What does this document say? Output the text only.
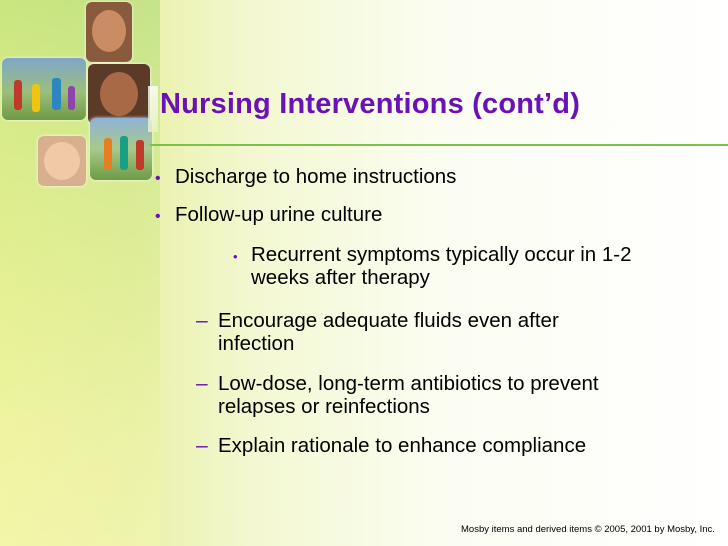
Nursing Interventions (cont’d)
• Discharge to home instructions

• Follow-up urine culture

• Recurrent symptoms typically occur in 1-2

weeks after therapy

– Encourage adequate fluids even after

infection

– Low-dose, long-term antibiotics to prevent

relapses or reinfections

– Explain rationale to enhance compliance

Mosby items and derived items © 2005, 2001 by Mosby, Inc.
